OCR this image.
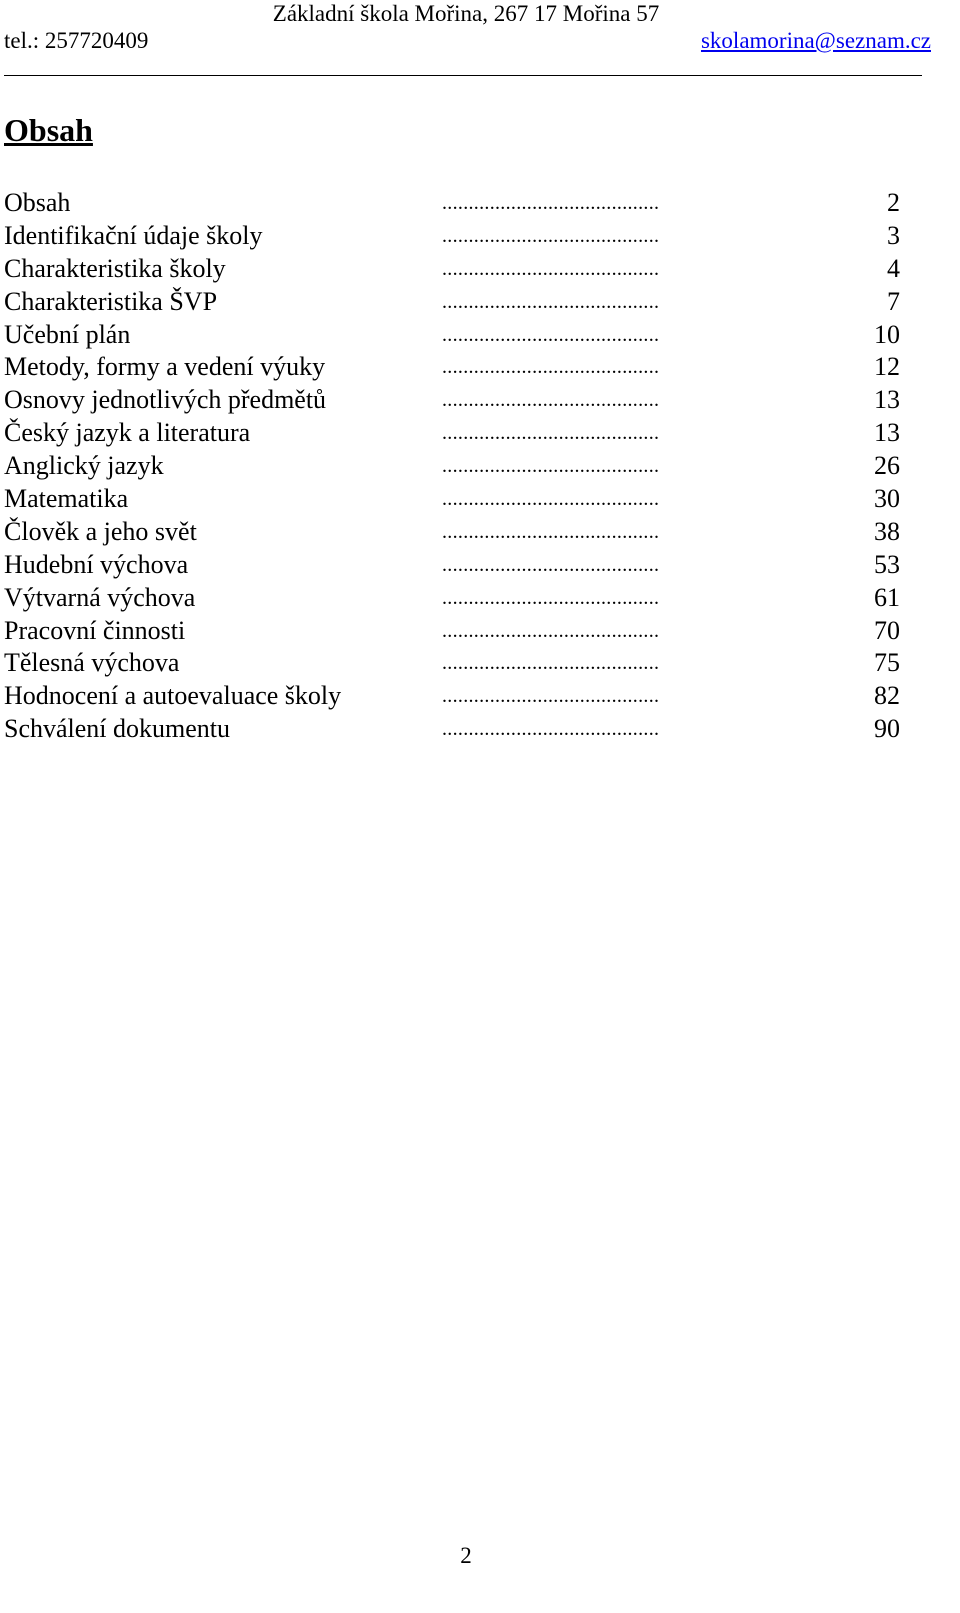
Základní škola Mořina, 267 17 Mořina 57
tel.: 257720409	skolamorina@seznam.cz
Obsah
Obsah	.........................................	2
Identifikační údaje školy	.........................................	3
Charakteristika školy	.........................................	4
Charakteristika ŠVP	.........................................	7
Učební plán	.........................................	10
Metody, formy a vedení výuky	.........................................	12
Osnovy jednotlivých předmětů	.........................................	13
Český jazyk a literatura	.........................................	13
Anglický jazyk	.........................................	26
Matematika	.........................................	30
Člověk a jeho svět	.........................................	38
Hudební výchova	.........................................	53
Výtvarná výchova	.........................................	61
Pracovní činnosti	.........................................	70
Tělesná výchova	.........................................	75
Hodnocení a autoevaluace školy	.........................................	82
Schválení dokumentu	.........................................	90
2
